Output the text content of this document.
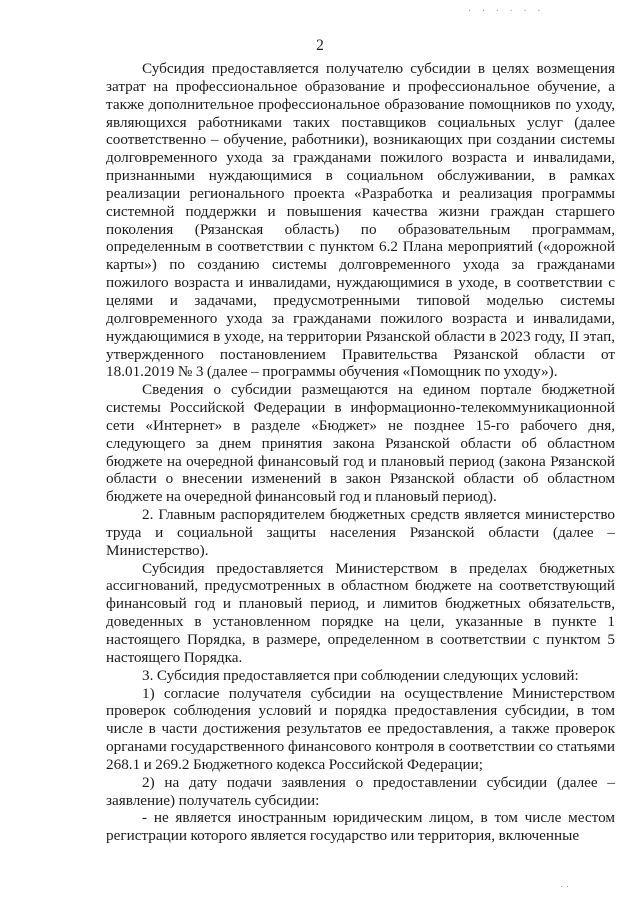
· · · · · ·
2

Субсидия предоставляется получателю субсидии в целях возмещения затрат на профессиональное образование и профессиональное обучение, а также дополнительное профессиональное образование помощников по уходу, являющихся работниками таких поставщиков социальных услуг (далее соответственно – обучение, работники), возникающих при создании системы долговременного ухода за гражданами пожилого возраста и инвалидами, признанными нуждающимися в социальном обслуживании, в рамках реализации регионального проекта «Разработка и реализация программы системной поддержки и повышения качества жизни граждан старшего поколения (Рязанская область) по образовательным программам, определенным в соответствии с пунктом 6.2 Плана мероприятий («дорожной карты») по созданию системы долговременного ухода за гражданами пожилого возраста и инвалидами, нуждающимися в уходе, в соответствии с целями и задачами, предусмотренными типовой моделью системы долговременного ухода за гражданами пожилого возраста и инвалидами, нуждающимися в уходе, на территории Рязанской области в 2023 году, II этап, утвержденного постановлением Правительства Рязанской области от 18.01.2019 № 3 (далее – программы обучения «Помощник по уходу»).

Сведения о субсидии размещаются на едином портале бюджетной системы Российской Федерации в информационно-телекоммуникационной сети «Интернет» в разделе «Бюджет» не позднее 15-го рабочего дня, следующего за днем принятия закона Рязанской области об областном бюджете на очередной финансовый год и плановый период (закона Рязанской области о внесении изменений в закон Рязанской области об областном бюджете на очередной финансовый год и плановый период).

2. Главным распорядителем бюджетных средств является министерство труда и социальной защиты населения Рязанской области (далее – Министерство).

Субсидия предоставляется Министерством в пределах бюджетных ассигнований, предусмотренных в областном бюджете на соответствующий финансовый год и плановый период, и лимитов бюджетных обязательств, доведенных в установленном порядке на цели, указанные в пункте 1 настоящего Порядка, в размере, определенном в соответствии с пунктом 5 настоящего Порядка.

3. Субсидия предоставляется при соблюдении следующих условий:

1) согласие получателя субсидии на осуществление Министерством проверок соблюдения условий и порядка предоставления субсидии, в том числе в части достижения результатов ее предоставления, а также проверок органами государственного финансового контроля в соответствии со статьями 268.1 и 269.2 Бюджетного кодекса Российской Федерации;

2) на дату подачи заявления о предоставлении субсидии (далее – заявление) получатель субсидии:

- не является иностранным юридическим лицом, в том числе местом регистрации которого является государство или территория, включенные

· ·
